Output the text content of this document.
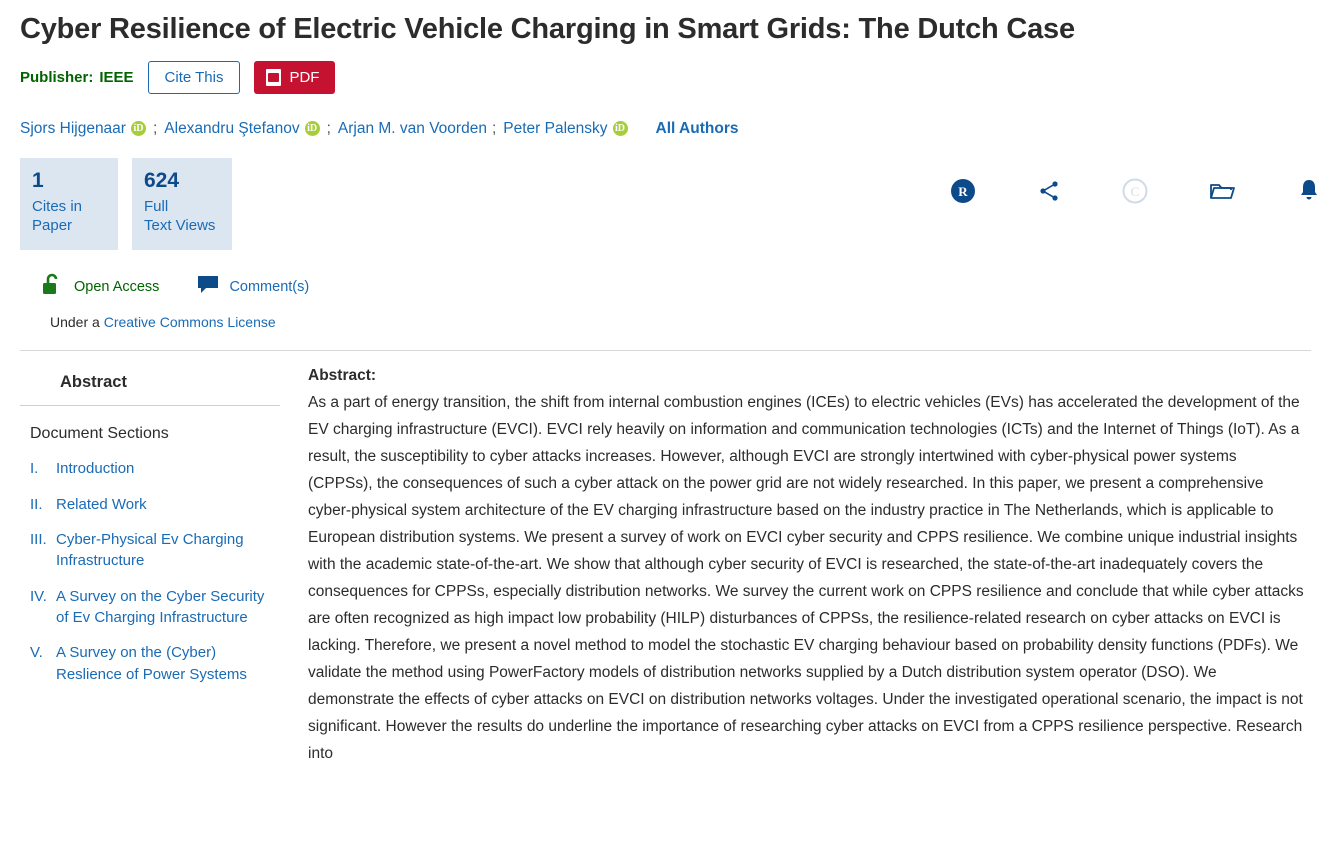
Cyber Resilience of Electric Vehicle Charging in Smart Grids: The Dutch Case
Publisher: IEEE	Cite This	PDF
Sjors Hijgenaar iD ; Alexandru Ştefanov iD ; Arjan M. van Voorden ; Peter Palensky iD All Authors
1
Cites in
Paper
624
Full
Text Views
R	C
Open Access	Comment(s)
Under a Creative Commons License
Abstract
Document Sections
I.	Introduction
II. Related Work
III. Cyber-Physical Ev Charging Infrastructure
IV. A Survey on the Cyber Security of Ev Charging Infrastructure
V. A Survey on the (Cyber) Reslience of Power Systems
Abstract:
As a part of energy transition, the shift from internal combustion engines (ICEs) to electric vehicles (EVs) has accelerated the development of the EV charging infrastructure (EVCI). EVCI rely heavily on information and communication technologies (ICTs) and the Internet of Things (IoT). As a result, the susceptibility to cyber attacks increases. However, although EVCI are strongly intertwined with cyber-physical power systems (CPPSs), the consequences of such a cyber attack on the power grid are not widely researched. In this paper, we present a comprehensive cyber-physical system architecture of the EV charging infrastructure based on the industry practice in The Netherlands, which is applicable to European distribution systems. We present a survey of work on EVCI cyber security and CPPS resilience. We combine unique industrial insights with the academic state-of-the-art. We show that although cyber security of EVCI is researched, the state-of-the-art inadequately covers the consequences for CPPSs, especially distribution networks. We survey the current work on CPPS resilience and conclude that while cyber attacks are often recognized as high impact low probability (HILP) disturbances of CPPSs, the resilience-related research on cyber attacks on EVCI is lacking. Therefore, we present a novel method to model the stochastic EV charging behaviour based on probability density functions (PDFs). We validate the method using PowerFactory models of distribution networks supplied by a Dutch distribution system operator (DSO). We demonstrate the effects of cyber attacks on EVCI on distribution networks voltages. Under the investigated operational scenario, the impact is not significant. However the results do underline the importance of researching cyber attacks on EVCI from a CPPS resilience perspective. Research into
